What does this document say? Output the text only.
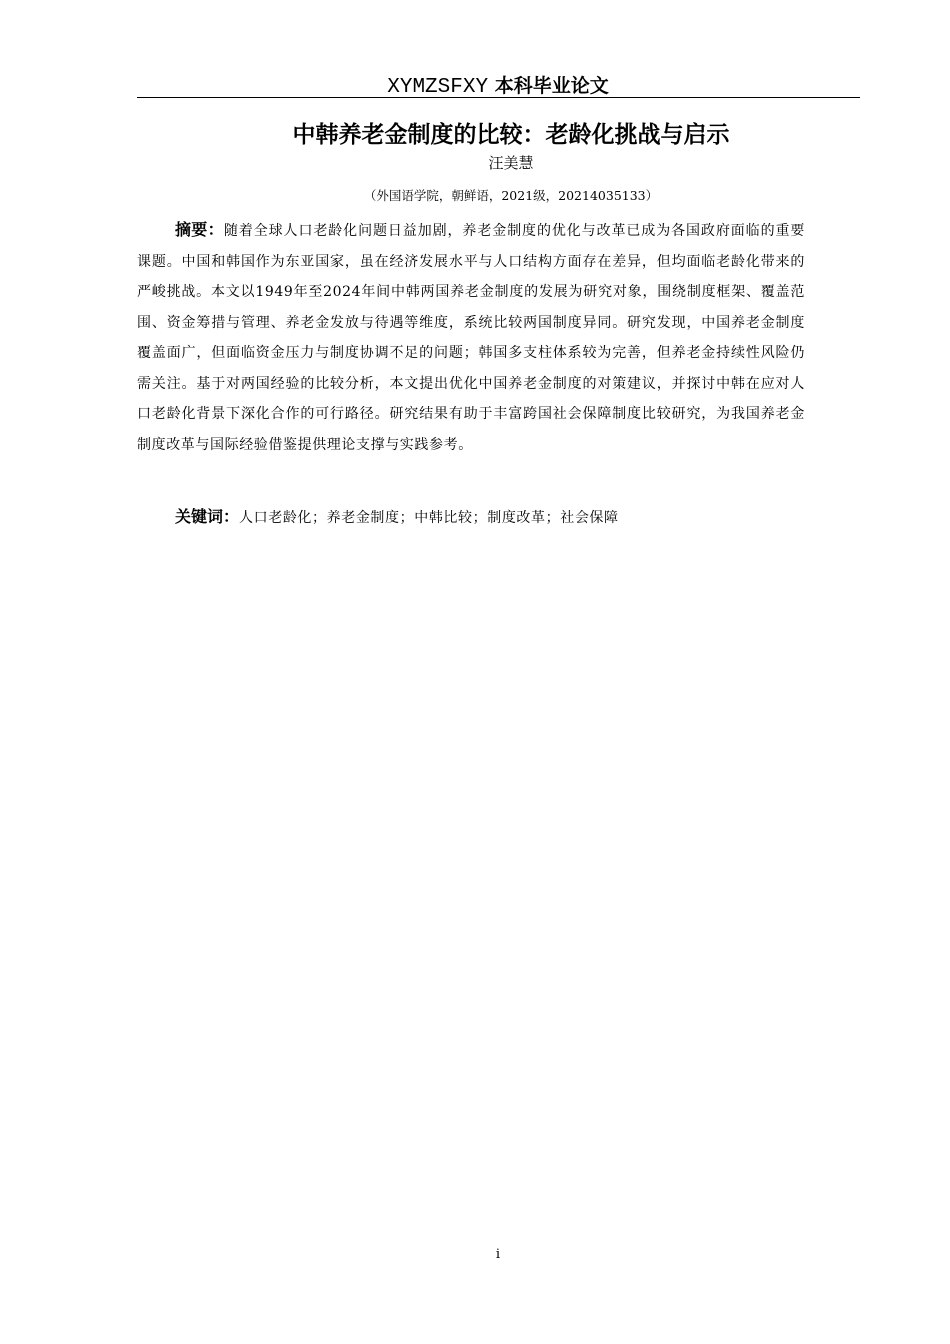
XYMZSFXY 本科毕业论文
中韩养老金制度的比较：老龄化挑战与启示
汪美慧
（外国语学院，朝鲜语，2021级，20214035133）
摘要：随着全球人口老龄化问题日益加剧，养老金制度的优化与改革已成为各国政府面临的重要课题。中国和韩国作为东亚国家，虽在经济发展水平与人口结构方面存在差异，但均面临老龄化带来的严峻挑战。本文以1949年至2024年间中韩两国养老金制度的发展为研究对象，围绕制度框架、覆盖范围、资金筹措与管理、养老金发放与待遇等维度，系统比较两国制度异同。研究发现，中国养老金制度覆盖面广，但面临资金压力与制度协调不足的问题；韩国多支柱体系较为完善，但养老金持续性风险仍需关注。基于对两国经验的比较分析，本文提出优化中国养老金制度的对策建议，并探讨中韩在应对人口老龄化背景下深化合作的可行路径。研究结果有助于丰富跨国社会保障制度比较研究，为我国养老金制度改革与国际经验借鉴提供理论支撑与实践参考。
关键词：人口老龄化；养老金制度；中韩比较；制度改革；社会保障
i
